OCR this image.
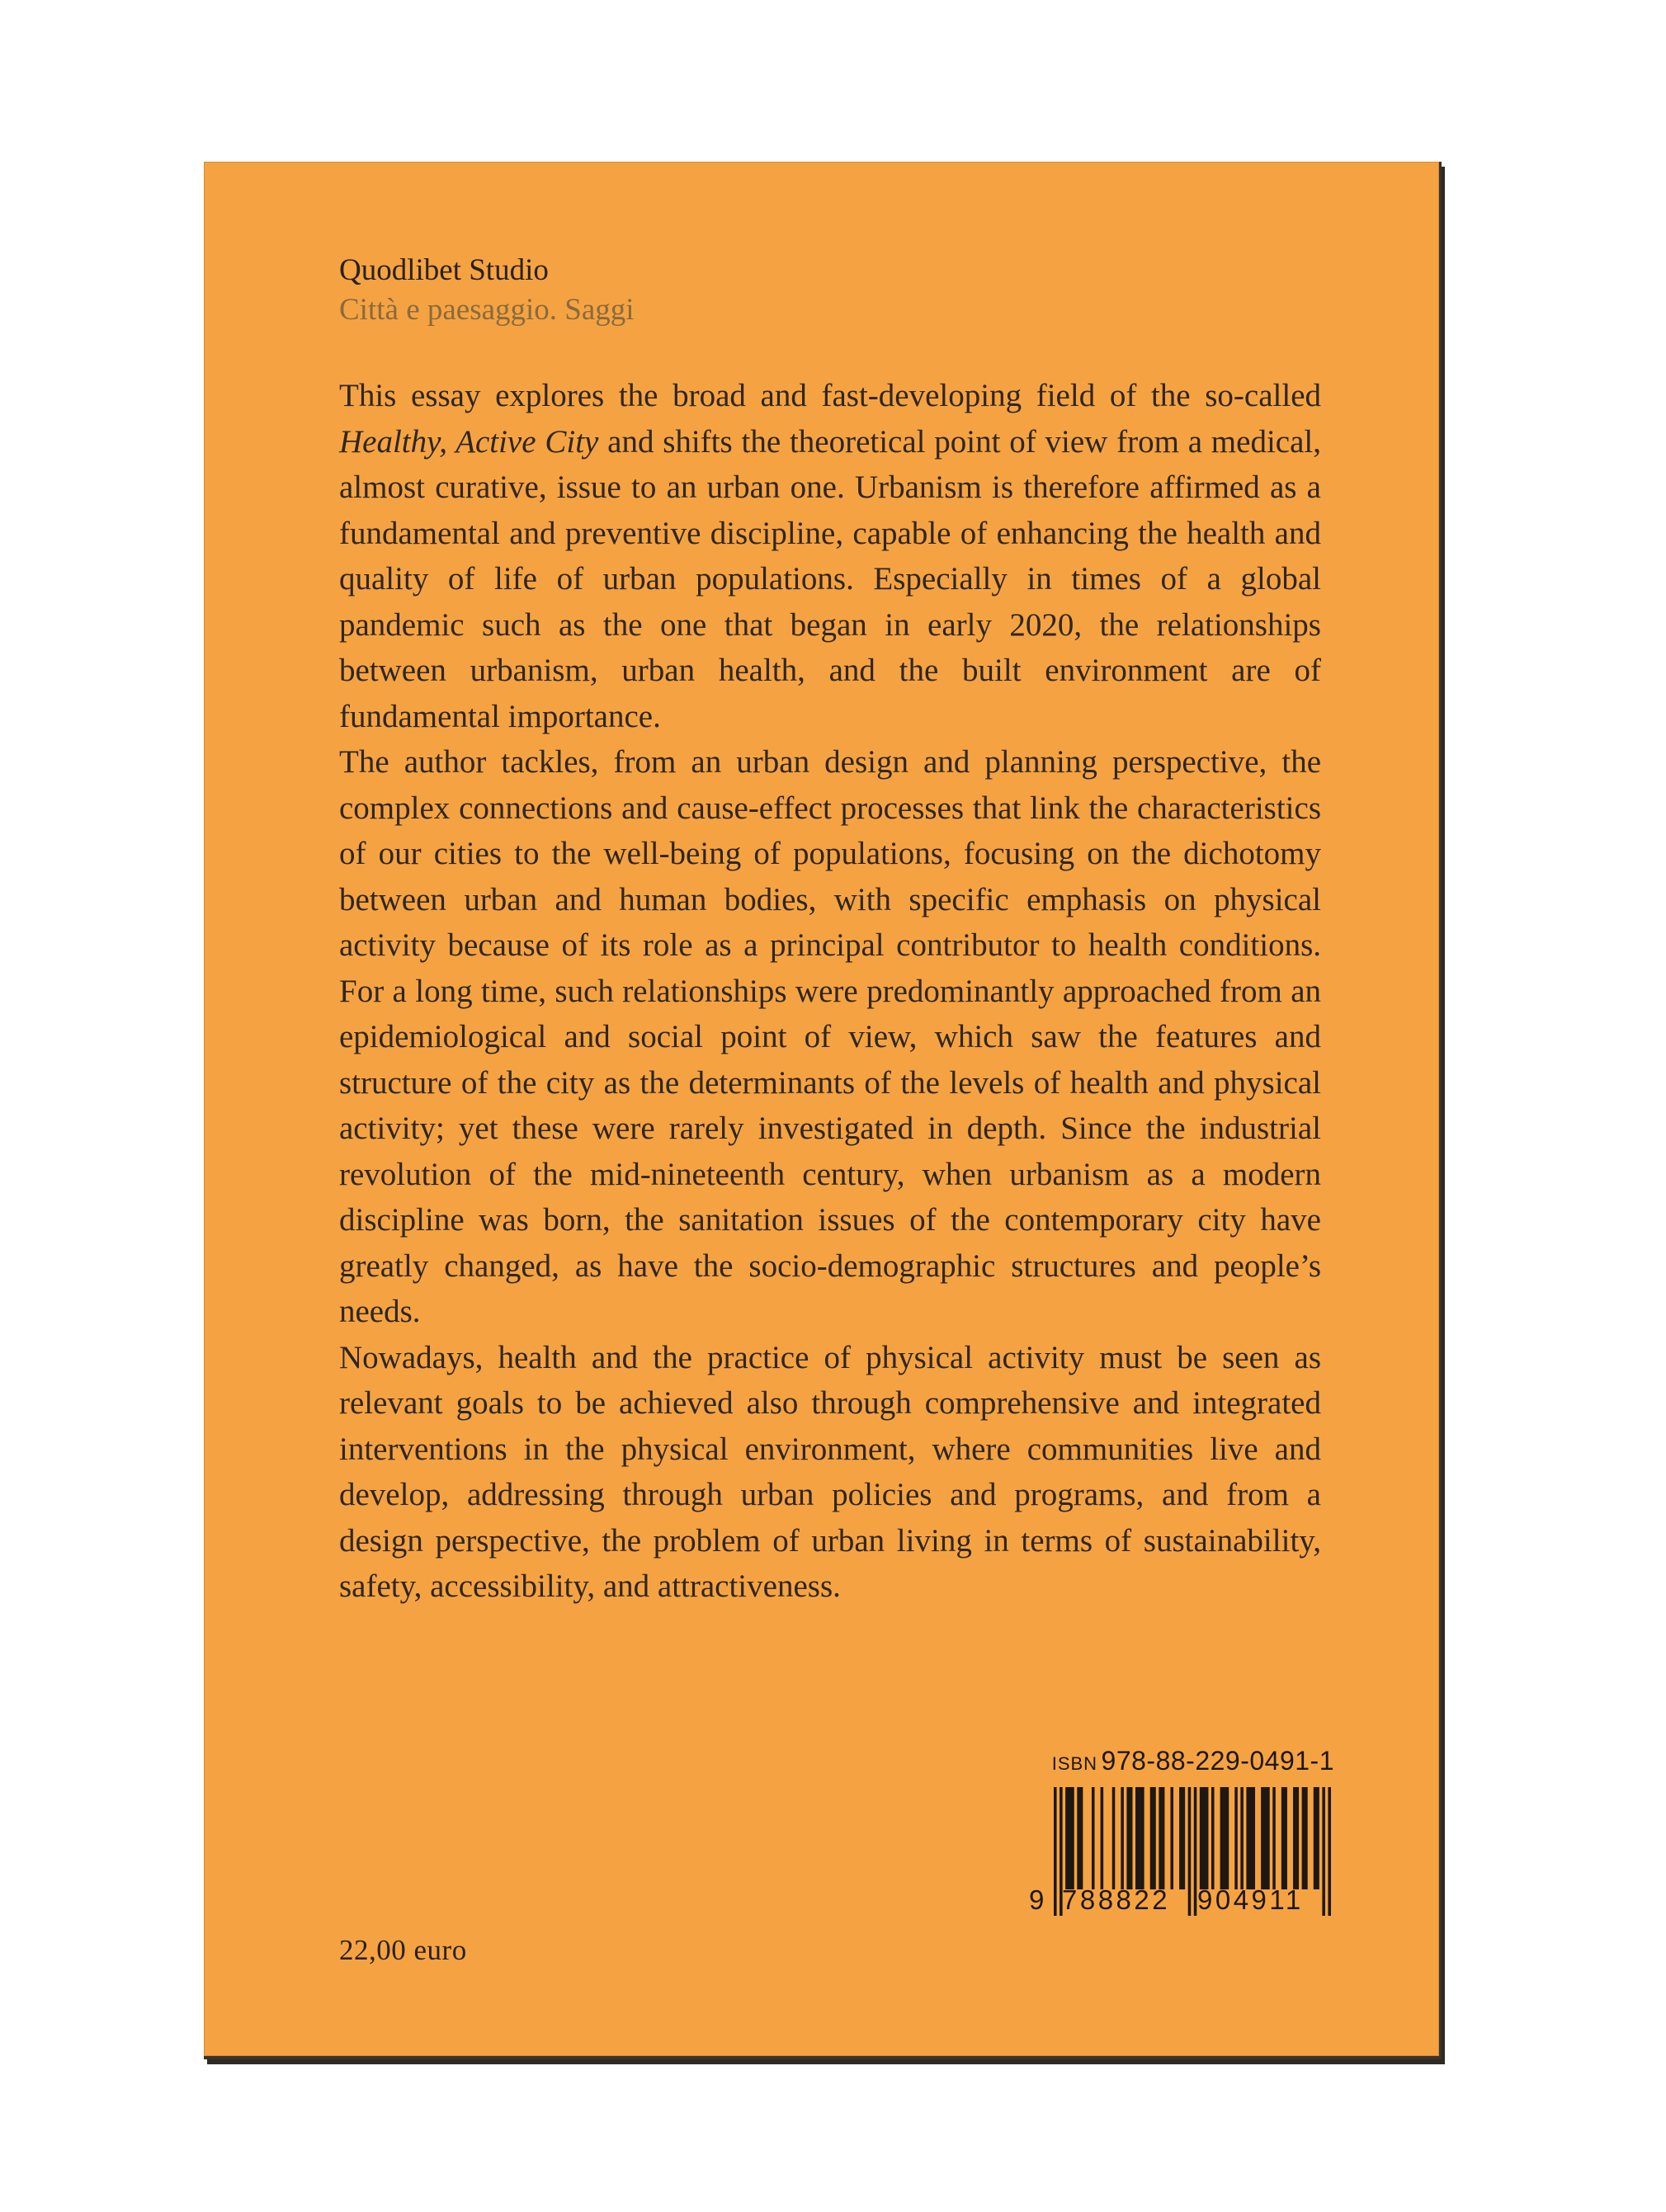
Quodlibet Studio
Città e paesaggio. Saggi

This essay explores the broad and fast-developing field of the so-called Healthy, Active City and shifts the theoretical point of view from a medical, almost curative, issue to an urban one. Urbanism is therefore affirmed as a fundamental and preventive discipline, capable of enhancing the health and quality of life of urban populations. Especially in times of a global pandemic such as the one that began in early 2020, the relationships between urbanism, urban health, and the built environment are of fundamental importance.

The author tackles, from an urban design and planning perspective, the complex connections and cause-effect processes that link the characteristics of our cities to the well-being of populations, focusing on the dichotomy between urban and human bodies, with specific emphasis on physical activity because of its role as a principal contributor to health conditions. For a long time, such relationships were predominantly approached from an epidemiological and social point of view, which saw the features and structure of the city as the determinants of the levels of health and physical activity; yet these were rarely investigated in depth. Since the industrial revolution of the mid-nineteenth century, when urbanism as a modern discipline was born, the sanitation issues of the contemporary city have greatly changed, as have the socio-demographic structures and people’s needs.

Nowadays, health and the practice of physical activity must be seen as relevant goals to be achieved also through comprehensive and integrated interventions in the physical environment, where communities live and develop, addressing through urban policies and programs, and from a design perspective, the problem of urban living in terms of sustainability, safety, accessibility, and attractiveness.

22,00 euro
ISBN 978-88-229-0491-1
9 788822 904911
